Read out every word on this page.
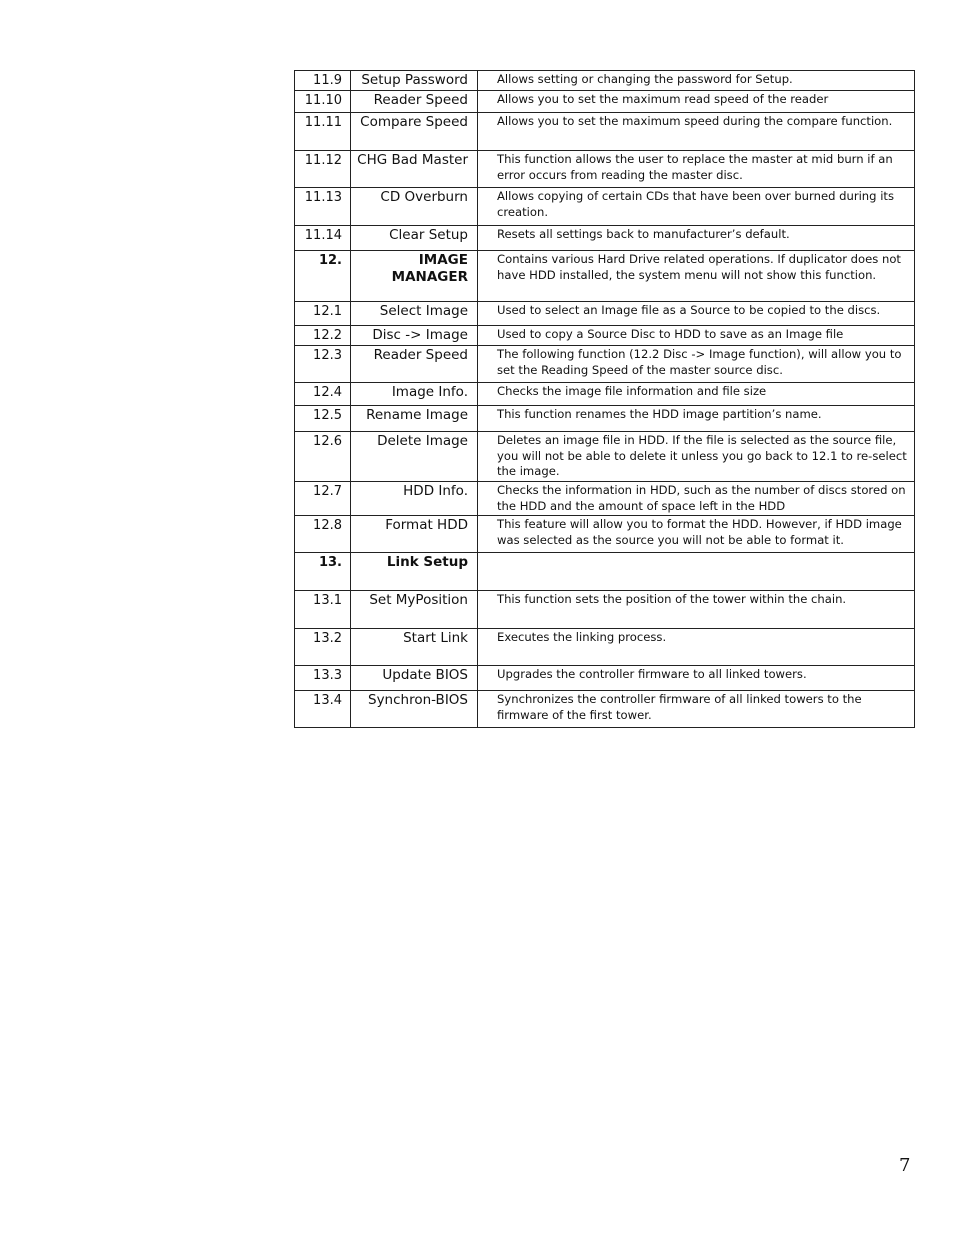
11.9	Setup Password	Allows setting or changing the password for Setup.
11.10	Reader Speed	Allows you to set the maximum read speed of the reader
11.11	Compare Speed	Allows you to set the maximum speed during the compare function.
11.12	CHG Bad Master	This function allows the user to replace the master at mid burn if an error occurs from reading the master disc.
11.13	CD Overburn	Allows copying of certain CDs that have been over burned during its creation.
11.14	Clear Setup	Resets all settings back to manufacturer’s default.
12.	IMAGE MANAGER	Contains various Hard Drive related operations. If duplicator does not have HDD installed, the system menu will not show this function.
12.1	Select Image	Used to select an Image file as a Source to be copied to the discs.
12.2	Disc -> Image	Used to copy a Source Disc to HDD to save as an Image file
12.3	Reader Speed	The following function (12.2 Disc -> Image function), will allow you to set the Reading Speed of the master source disc.
12.4	Image Info.	Checks the image file information and file size
12.5	Rename Image	This function renames the HDD image partition’s name.
12.6	Delete Image	Deletes an image file in HDD. If the file is selected as the source file, you will not be able to delete it unless you go back to 12.1 to re-select the image.
12.7	HDD Info.	Checks the information in HDD, such as the number of discs stored on the HDD and the amount of space left in the HDD
12.8	Format HDD	This feature will allow you to format the HDD. However, if HDD image was selected as the source you will not be able to format it.
13.	Link Setup	
13.1	Set MyPosition	This function sets the position of the tower within the chain.
13.2	Start Link	Executes the linking process.
13.3	Update BIOS	Upgrades the controller firmware to all linked towers.
13.4	Synchron-BIOS	Synchronizes the controller firmware of all linked towers to the firmware of the first tower.
7
